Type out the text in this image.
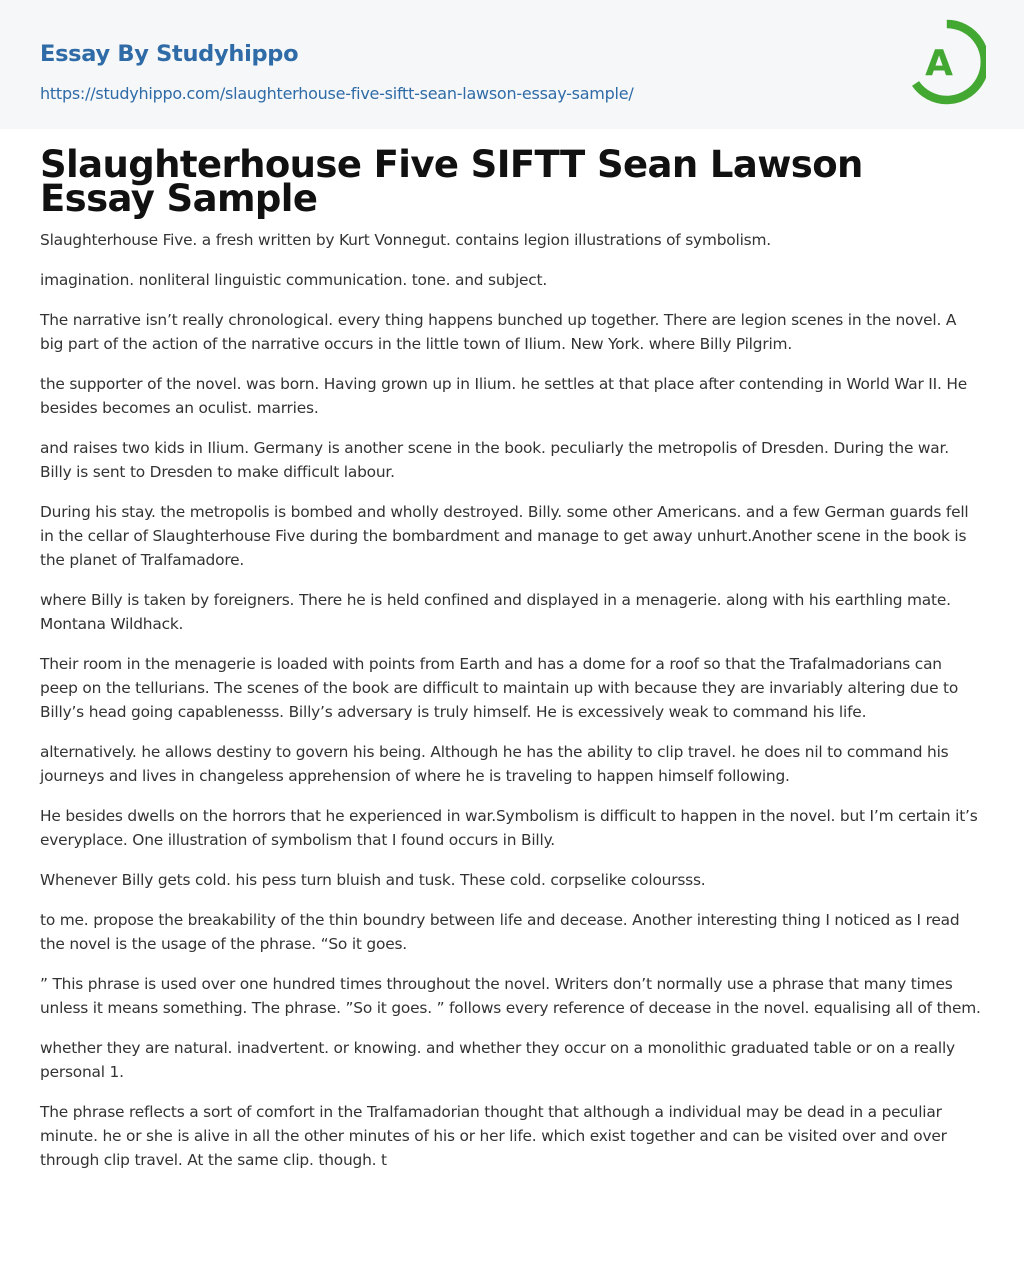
Essay By Studyhippo
https://studyhippo.com/slaughterhouse-five-siftt-sean-lawson-essay-sample/
A
Slaughterhouse Five SIFTT Sean Lawson Essay Sample

Slaughterhouse Five. a fresh written by Kurt Vonnegut. contains legion illustrations of symbolism.

imagination. nonliteral linguistic communication. tone. and subject.

The narrative isn’t really chronological. every thing happens bunched up together. There are legion scenes in the novel. A big part of the action of the narrative occurs in the little town of Ilium. New York. where Billy Pilgrim.

the supporter of the novel. was born. Having grown up in Ilium. he settles at that place after contending in World War II. He besides becomes an oculist. marries.

and raises two kids in Ilium. Germany is another scene in the book. peculiarly the metropolis of Dresden. During the war. Billy is sent to Dresden to make difficult labour.

During his stay. the metropolis is bombed and wholly destroyed. Billy. some other Americans. and a few German guards fell in the cellar of Slaughterhouse Five during the bombardment and manage to get away unhurt.Another scene in the book is the planet of Tralfamadore.

where Billy is taken by foreigners. There he is held confined and displayed in a menagerie. along with his earthling mate. Montana Wildhack.

Their room in the menagerie is loaded with points from Earth and has a dome for a roof so that the Trafalmadorians can peep on the tellurians. The scenes of the book are difficult to maintain up with because they are invariably altering due to Billy’s head going capablenesss. Billy’s adversary is truly himself. He is excessively weak to command his life.

alternatively. he allows destiny to govern his being. Although he has the ability to clip travel. he does nil to command his journeys and lives in changeless apprehension of where he is traveling to happen himself following.

He besides dwells on the horrors that he experienced in war.Symbolism is difficult to happen in the novel. but I’m certain it’s everyplace. One illustration of symbolism that I found occurs in Billy.

Whenever Billy gets cold. his pess turn bluish and tusk. These cold. corpselike coloursss.

to me. propose the breakability of the thin boundry between life and decease. Another interesting thing I noticed as I read the novel is the usage of the phrase. “So it goes.

” This phrase is used over one hundred times throughout the novel. Writers don’t normally use a phrase that many times unless it means something. The phrase. ”So it goes. ” follows every reference of decease in the novel. equalising all of them.

whether they are natural. inadvertent. or knowing. and whether they occur on a monolithic graduated table or on a really personal 1.

The phrase reflects a sort of comfort in the Tralfamadorian thought that although a individual may be dead in a peculiar minute. he or she is alive in all the other minutes of his or her life. which exist together and can be visited over and over through clip travel. At the same clip. though. t
